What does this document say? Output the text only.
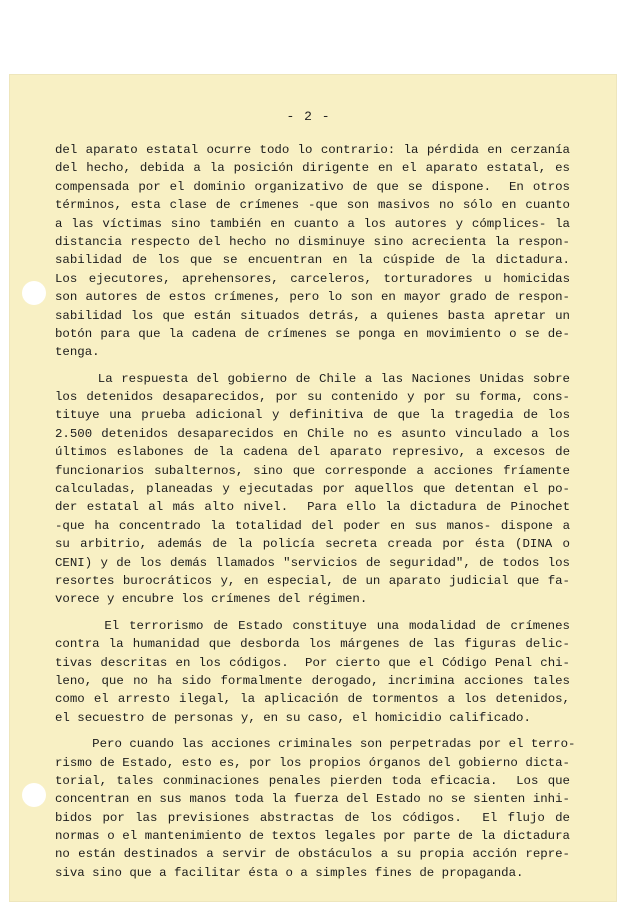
- 2 -
del aparato estatal ocurre todo lo contrario: la pérdida en cerzanía
del hecho, debida a la posición dirigente en el aparato estatal, es
compensada por el dominio organizativo de que se dispone.  En otros
términos, esta clase de crímenes -que son masivos no sólo en cuanto
a las víctimas sino también en cuanto a los autores y cómplices- la
distancia respecto del hecho no disminuye sino acrecienta la respon-
sabilidad de los que se encuentran en la cúspide de la dictadura.
Los ejecutores, aprehensores, carceleros, torturadores u homicidas
son autores de estos crímenes, pero lo son en mayor grado de respon-
sabilidad los que están situados detrás, a quienes basta apretar un
botón para que la cadena de crímenes se ponga en movimiento o se de-
tenga.
La respuesta del gobierno de Chile a las Naciones Unidas sobre
los detenidos desaparecidos, por su contenido y por su forma, cons-
tituye una prueba adicional y definitiva de que la tragedia de los
2.500 detenidos desaparecidos en Chile no es asunto vinculado a los
últimos eslabones de la cadena del aparato represivo, a excesos de
funcionarios subalternos, sino que corresponde a acciones fríamente
calculadas, planeadas y ejecutadas por aquellos que detentan el po-
der estatal al más alto nivel.  Para ello la dictadura de Pinochet
-que ha concentrado la totalidad del poder en sus manos- dispone a
su arbitrio, además de la policía secreta creada por ésta (DINA o
CENI) y de los demás llamados "servicios de seguridad", de todos los
resortes burocráticos y, en especial, de un aparato judicial que fa-
vorece y encubre los crímenes del régimen.
El terrorismo de Estado constituye una modalidad de crímenes
contra la humanidad que desborda los márgenes de las figuras delic-
tivas descritas en los códigos.  Por cierto que el Código Penal chi-
leno, que no ha sido formalmente derogado, incrimina acciones tales
como el arresto ilegal, la aplicación de tormentos a los detenidos,
el secuestro de personas y, en su caso, el homicidio calificado.
Pero cuando las acciones criminales son perpetradas por el terro-
rismo de Estado, esto es, por los propios órganos del gobierno dicta-
torial, tales conminaciones penales pierden toda eficacia.  Los que
concentran en sus manos toda la fuerza del Estado no se sienten inhi-
bidos por las previsiones abstractas de los códigos.  El flujo de
normas o el mantenimiento de textos legales por parte de la dictadura
no están destinados a servir de obstáculos a su propia acción repre-
siva sino que a facilitar ésta o a simples fines de propaganda.
